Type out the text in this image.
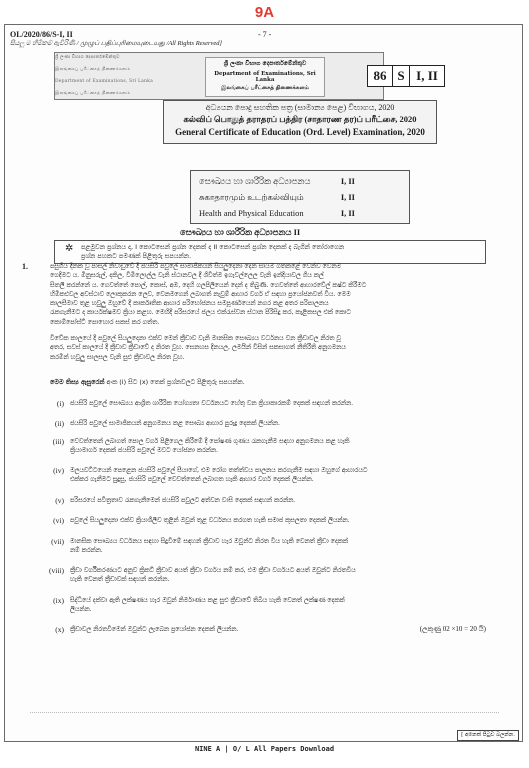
9A
OL/2020/86/S-I, II	- 7 -
සියලු ම හිමිකම් ඇවිරිණි / முழுப் பதிப்புரிமையுடையது /All Rights Reserved]
ශ්‍රී ලංකා විභාග දෙපාර්තමේන්තුව
இலங்கைப் பரீட்சைத் திணைக்களம்
Department of Examinations, Sri Lanka
இலங்கைப் பரீட்சைத் திணைக்களம்
ශ්‍රී ලංකා විභාග දෙපාර්තමේන්තුව
Department of Examinations, Sri Lanka
இலங்கைப் பரீட்சைத் திணைக்களம்
86 S I, II
අධ්‍යයන පොදු සහතික පත්‍ර (සාමාන්‍ය පෙළ) විභාගය, 2020
கல்விப் பொதுத் தராதரப் பத்திர (சாதாரண தர)ப் பரீட்சை, 2020
General Certificate of Education (Ord. Level) Examination, 2020
සෞඛ්‍යය හා ශාරීරික අධ්‍යාපනය	I, II
சுகாதாரமும் உடற்கல்வியும்	I, II
Health and Physical Education	I, II
සෞඛ්‍යය හා ශාරීරික අධ්‍යාපනය II
✲ පළමුවන ප්‍රශ්නය ද, I කොටසෙන් ප්‍රශ්න දෙකක් ද II කොටසෙන් ප්‍රශ්න දෙකක් ද බැගින් තෝරාගෙන
ප්‍රශ්න පහකට පමණක් පිළිතුරු සපයන්න.
1.	පසුගිය දිනක වූ පාසල් නිවාඩුවේ දී ජයසිරි පවුලේ සාමාජිකයන් සියලුදෙනා දෙන සායම ගතකළේ වෙන්ව වෙනම
ගෙදිමට ය. මිනුසරුල්, දකිල, විමිලොල්ල වැනි ස්ථානවල දී ශිවිත්ම ඉගැවල්ලෙල වැනි ඉන්දියාවල ගිය කල්
සිතලී කරන්නේ ය. ගෙවත්තේ පොල්, කොස්, අඹ, දෙහි ගලපිලියෙන් දෙන් ද තිබුණි. ගෙවත්තේ ආහාරවේල් කෂ්ට කිරීමට
හිමිකළුවල අවස්ථාව ලොකුකරන ලෙව, වෙනමගෙන් ලබාගත් නැවුම් ආහාර වර්ග ඒ සඳහා ප්‍රයෝජනවත් විය. මෙම
කාලසීමාව තුළ හවුලු ඔහුවේ දී කාර්කෘතික ආහාර පරිභෝජනය සමපූර්ණයෙන් නගර කළ අතර පරිපාලනය
රැකගැනීමට ද කාර්යක්ෂමව ක්‍රියා කළහ. මෙහිදී පරිසරයේ ජලය එක්රැස්වන ස්ථාන පිරිසිදු කර, කැළිකසල එක් කොට
කොම්පෝස්ට් පොහොර සකස් කර ගත්ත.
විවේක කාලයේ දී පවුලේ සියලුදෙනා එක්ව මෙන් ක්‍රීඩාව වැනි මානසික සෞඛ්‍යය වර්ධනය වන ක්‍රීඩාවල නිරත වූ
අතර, සවස් කාලයේ දී ක්‍රීඩාව ක්‍රීඩාවේ ද නිරත වූහ. සෙනහස දිනයල, ලමයින් විසින් සකසාගත් නීතිරීති අනුගමනය
කරමින් හවුලු සාලසල වැනි සුළු ක්‍රීඩාවල නිරත වූහ.
මෙම තිස්‍ය ඇසුරෙන් අංක (i) සිට (x) තෙක් ප්‍රශ්නවලට පිළිතුරු සපයන්න.
(i) ජයසිරි පවුලේ සෞඛ්‍යය ආශ්‍රිත ශාරීරික යෝග්‍යතා වර්ධනයට හේතු වන ක්‍රියාකාරකම් දෙකක් සඳහන් කරන්න.
(ii) ජයසිරි පවුලේ සාමාජිකයන් අනුගමනය කළ සෞඛ්‍ය ආහාර පුරුදු දෙකක් ලියන්න.
(iii) වෙවත්තෙන් ලබාගත් පොල වර්ග පිළිගෙල කිරීමේ දී පෝෂණ ගුණය රැකගැනීම සඳහා අනුගමනය කළ හැකි
ක්‍රියාමාර්ග දෙකක් ජයසිරි පවුලේ මවට යෝජනා කරන්න.
(iv) මලයවට්ටයෙන් පෙළෙන ජයසිරි පවුලේ සීයාගේ, එම රෝග තත්ත්වය පාලනය කරගැනීම සඳහා ඔහුගේ ආහාරයට
එක්කර ගැනීමට සුදුසු, ජයසිරි පවුලේ වෙවත්තෙන් ලබාගත හැකි ආහාර වර්ග දෙකක් ලියන්න.
(v) පරිසරයේ පවිත්‍රතාව රැකගැනීමෙන් ජයසිරි පවුලට අත්වන වාසි දෙකක් සඳහන් කරන්න.
(vi) පවුලේ සියලුදෙනා එක්ව ක්‍රියාශීලීව තුළින් ඔවුන් තුළ වර්ධනය කරගත හැකි සමාජ කුසලතා දෙකක් ලියන්න.
(vii) මානසික සෞඛ්‍යය වර්ධනය සඳහා සිදුවීමේ සඳහන් ක්‍රීඩාව හැර ඔවුන්ට නිරත විය හැකි වෙනත් ක්‍රීඩා දෙකක්
නම් කරන්න.
(viii) ක්‍රීඩා වර්ගීකරණයට අනුව ක්‍රිකට් ක්‍රීඩාව අයත් ක්‍රීඩා වර්ගය නම් කර, එම ක්‍රීඩා වර්ගයට අයත් ඔවුන්ට නිරතවිය
හැකි වෙනත් ක්‍රීඩාවක් සඳහන් කරන්න.
(ix) සිද්ධියේ දක්වා ඇති ලක්ෂණය හැර ඔවුන් නිර්මාණය කළ සුළු ක්‍රීඩාවේ තිබිය හැකි වෙනත් ලක්ෂණ දෙකක්
ලියන්න.
(x) ක්‍රීඩාවල නිරතවීමෙන් ඔවුන්ට ලැබෙන ප්‍රයෝජන දෙකක් ලියන්න.	(ලකුණු 02 ×10 = 20 යි)
[ අනෙක් පිටුව බලන්න.
NINE A | O/ L All Papers Download
